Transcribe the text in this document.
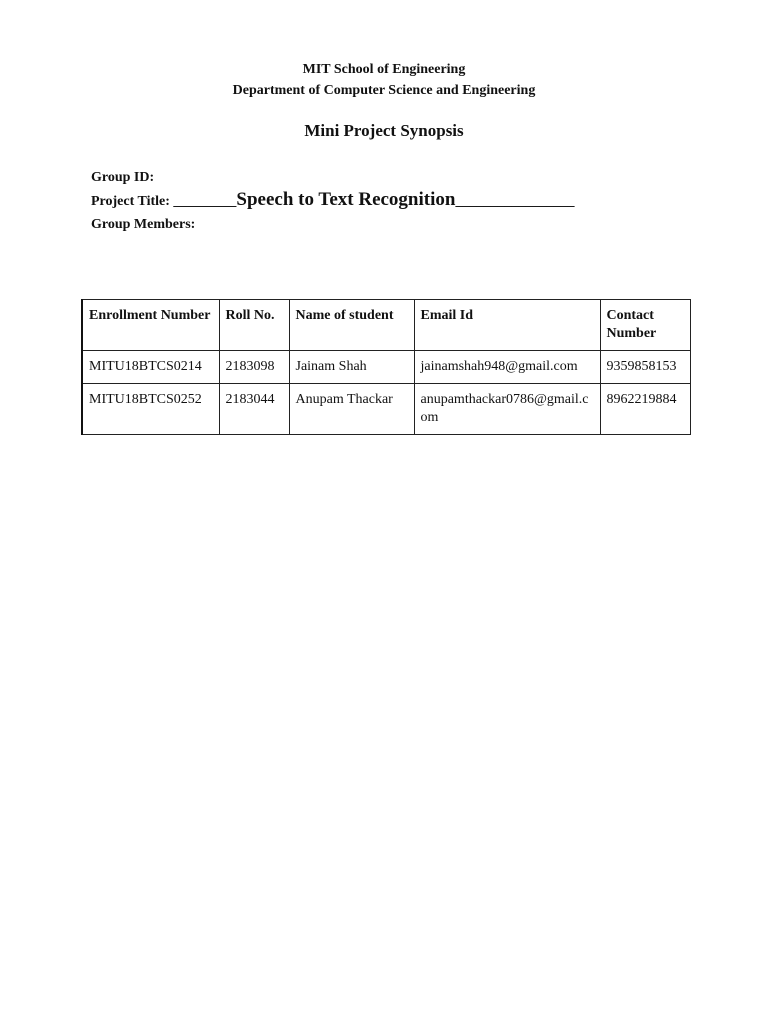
MIT School of Engineering
Department of Computer Science and Engineering
Mini Project Synopsis
Group ID:
Project Title: _________Speech to Text Recognition_________________
Group Members:
Enrollment Number	Roll No.	Name of student	Email Id	Contact Number
MITU18BTCS0214	2183098	Jainam Shah	jainamshah948@gmail.com	9359858153
MITU18BTCS0252	2183044	Anupam Thackar	anupamthackar0786@gmail.com	8962219884
